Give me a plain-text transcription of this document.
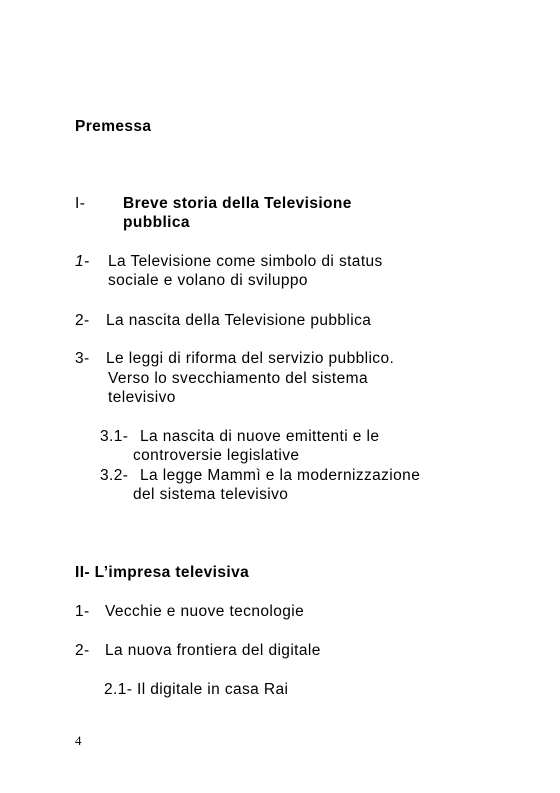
Premessa
I- Breve storia della Televisione
pubblica
1- La Televisione come simbolo di status
sociale e volano di sviluppo
2- La nascita della Televisione pubblica
3- Le leggi di riforma del servizio pubblico.
Verso lo svecchiamento del sistema
televisivo
3.1- La nascita di nuove emittenti e le
controversie legislative
3.2- La legge Mammì e la modernizzazione
del sistema televisivo
II- L’impresa televisiva
1- Vecchie e nuove tecnologie
2- La nuova frontiera del digitale
2.1- Il digitale in casa Rai
4
